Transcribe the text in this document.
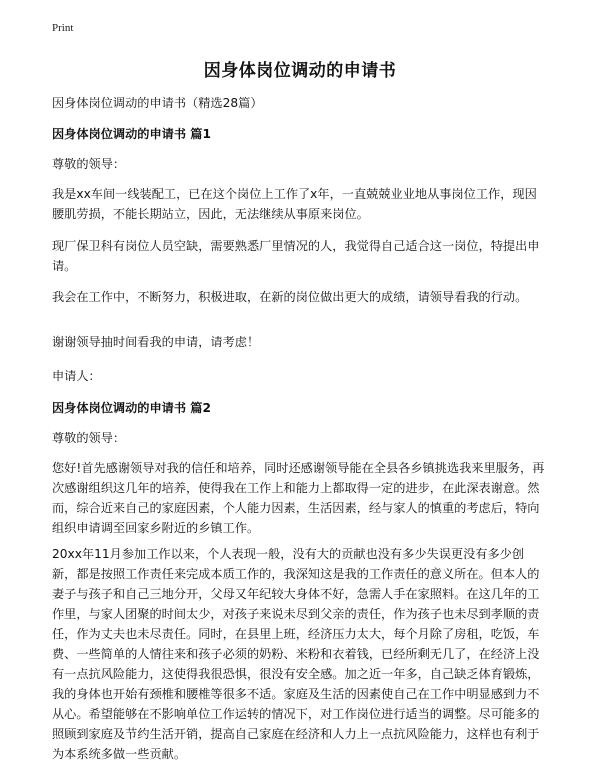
Print
因身体岗位调动的申请书
因身体岗位调动的申请书（精选28篇）
因身体岗位调动的申请书 篇1
尊敬的领导：
我是xx车间一线装配工，已在这个岗位上工作了x年，一直兢兢业业地从事岗位工作，现因腰肌劳损，不能长期站立，因此，无法继续从事原来岗位。
现厂保卫科有岗位人员空缺，需要熟悉厂里情况的人，我觉得自己适合这一岗位，特提出申请。
我会在工作中，不断努力，积极进取，在新的岗位做出更大的成绩，请领导看我的行动。
谢谢领导抽时间看我的申请，请考虑！
申请人：
因身体岗位调动的申请书 篇2
尊敬的领导：
您好!首先感谢领导对我的信任和培养，同时还感谢领导能在全县各乡镇挑选我来里服务，再次感谢组织这几年的培养，使得我在工作上和能力上都取得一定的进步，在此深表谢意。然而，综合近来自己的家庭因素，个人能力因素，生活因素，经与家人的慎重的考虑后，特向组织申请调至回家乡附近的乡镇工作。
20xx年11月参加工作以来，个人表现一般，没有大的贡献也没有多少失误更没有多少创新，都是按照工作责任来完成本质工作的，我深知这是我的工作责任的意义所在。但本人的妻子与孩子和自己三地分开，父母又年纪较大身体不好，急需人手在家照料。在这几年的工作里，与家人团聚的时间太少，对孩子来说未尽到父亲的责任，作为孩子也未尽到孝顺的责任，作为丈夫也未尽责任。同时，在县里上班，经济压力太大，每个月除了房租，吃饭，车费、一些简单的人情往来和孩子必须的奶粉、米粉和衣着钱，已经所剩无几了，在经济上没有一点抗风险能力，这使得我很恐惧，很没有安全感。加之近一年多，自己缺乏体育锻炼，我的身体也开始有颈椎和腰椎等很多不适。家庭及生活的因素使自己在工作中明显感到力不从心。希望能够在不影响单位工作运转的情况下，对工作岗位进行适当的调整。尽可能多的照顾到家庭及节约生活开销，提高自己家庭在经济和人力上一点抗风险能力，这样也有利于为本系统多做一些贡献。
